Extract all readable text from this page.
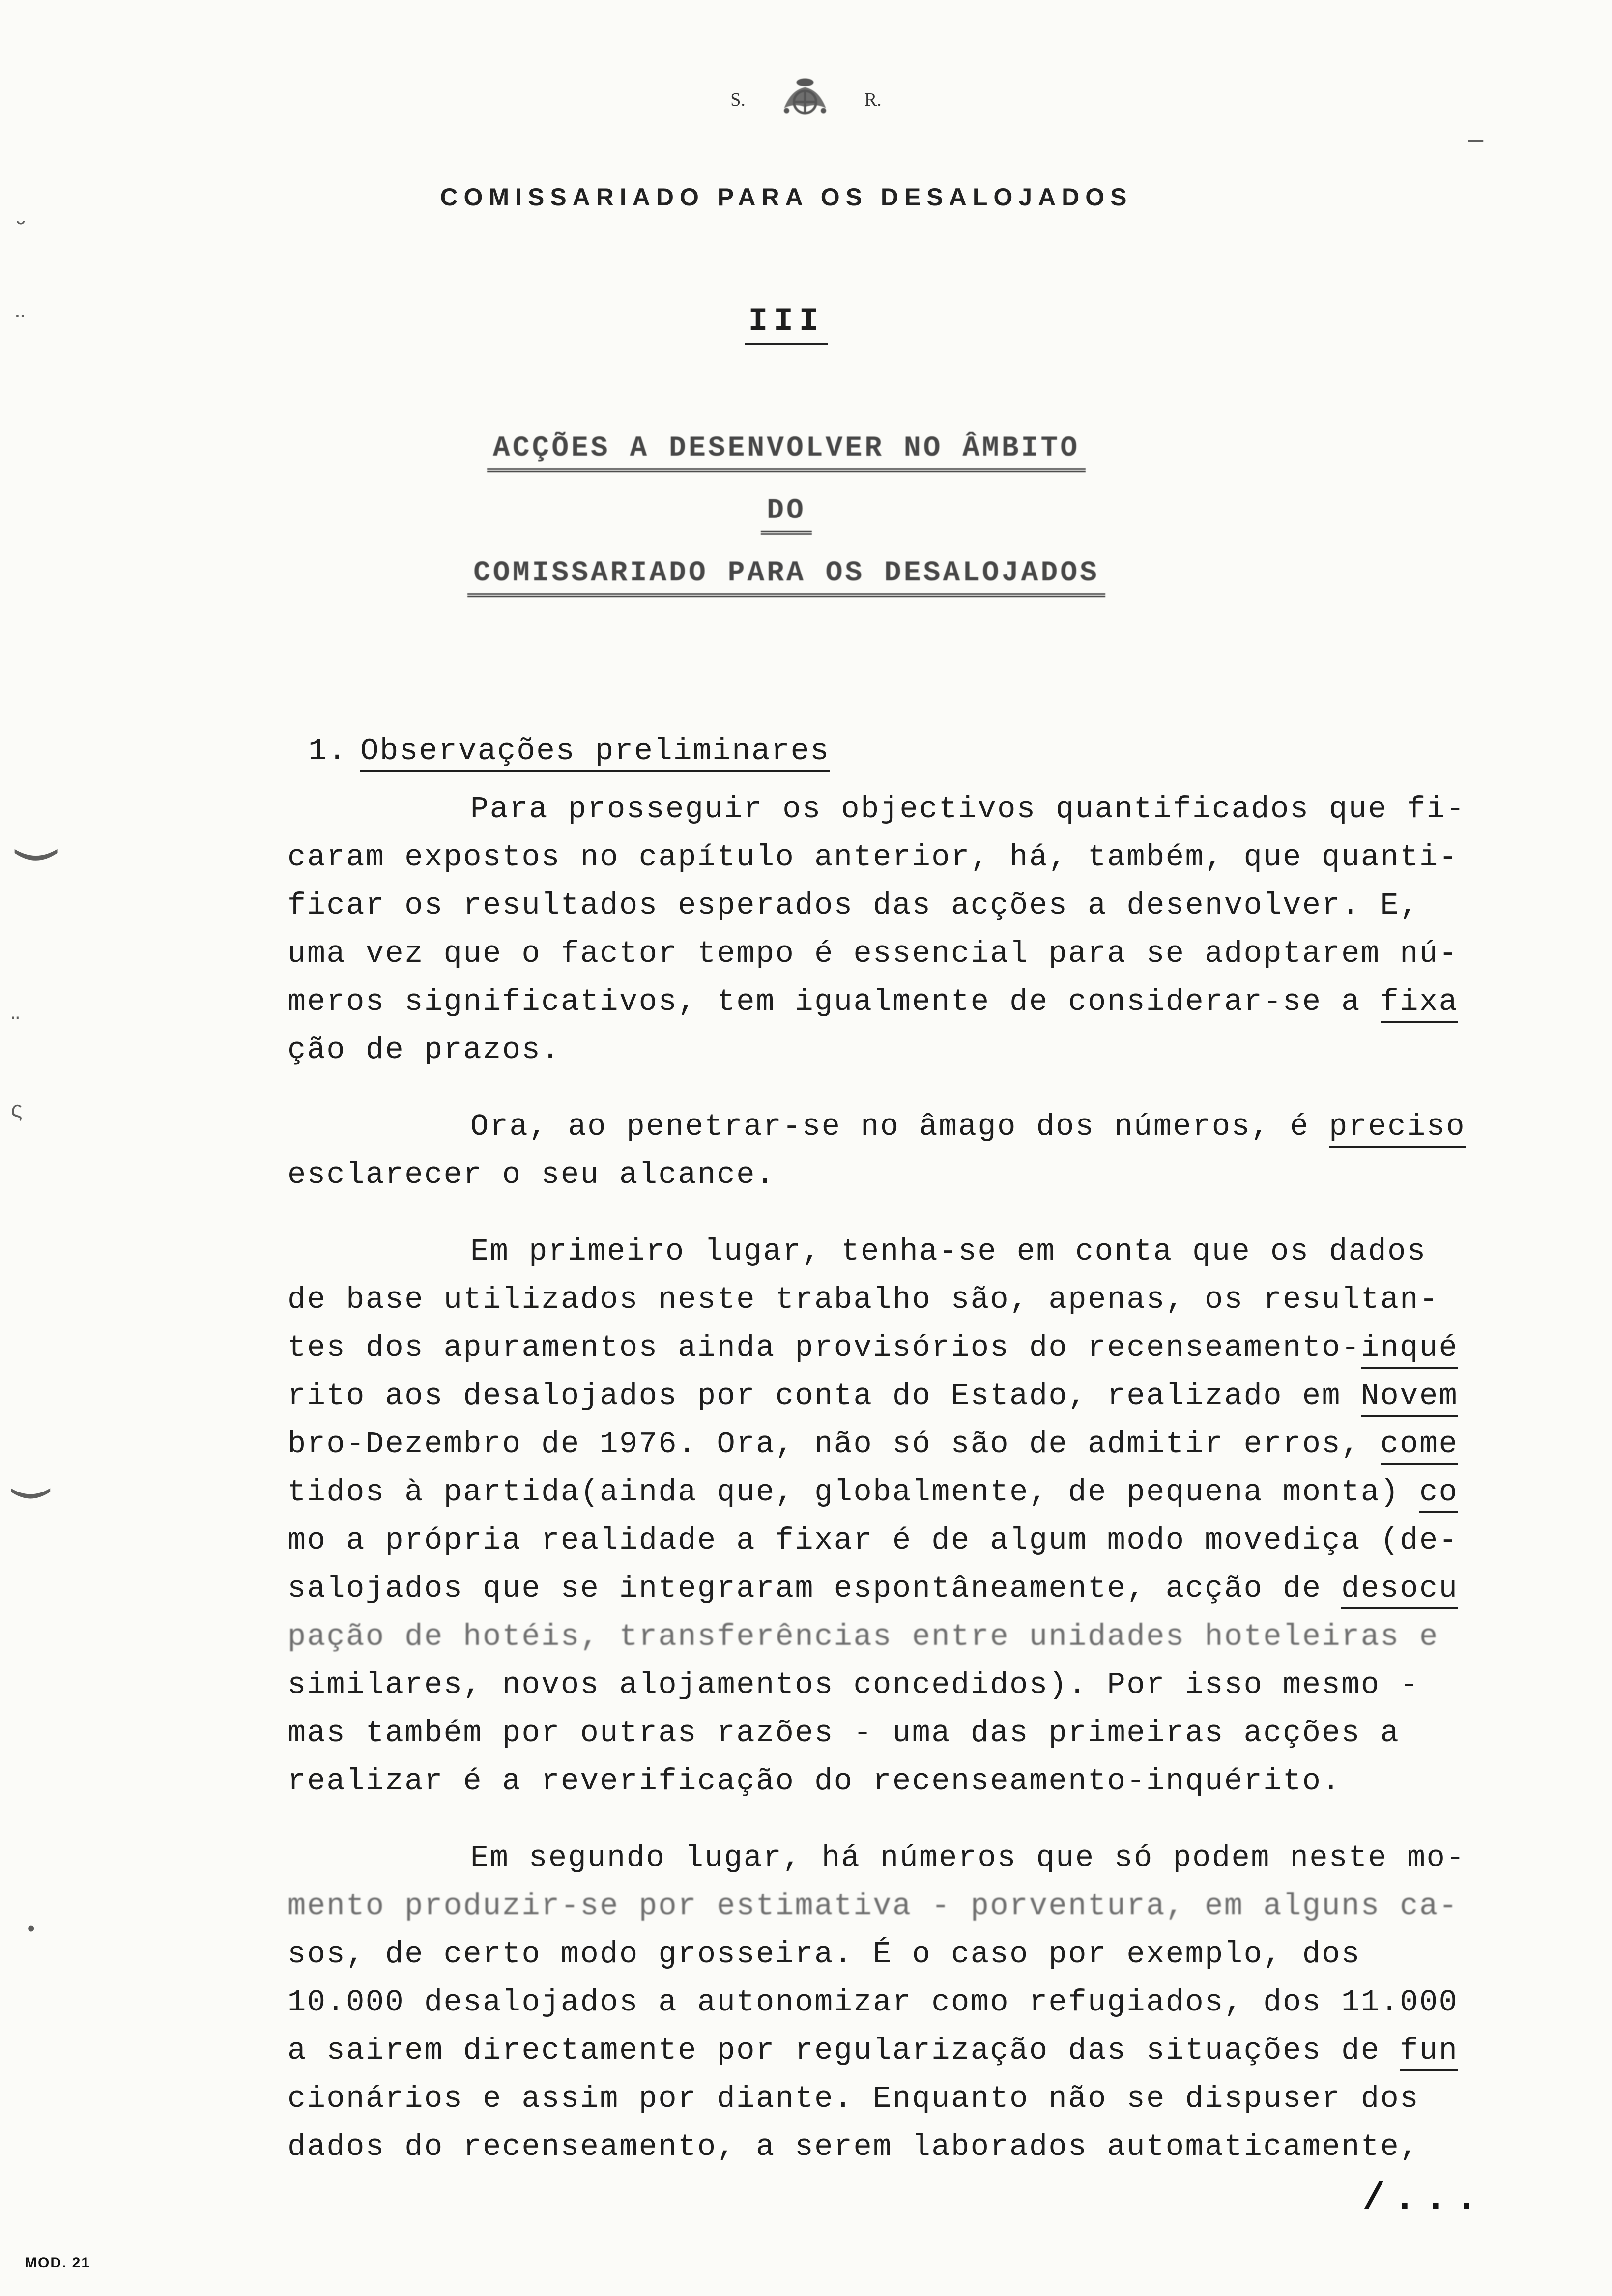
S.	R.
COMISSARIADO PARA OS DESALOJADOS
III
ACÇÕES A DESENVOLVER NO ÂMBITO
DO
COMISSARIADO PARA OS DESALOJADOS

1. Observações preliminares

Para prosseguir os objectivos quantificados que fi-
caram expostos no capítulo anterior, há, também, que quanti-
ficar os resultados esperados das acções a desenvolver. E,
uma vez que o factor tempo é essencial para se adoptarem nú-
meros significativos, tem igualmente de considerar-se a fixa
ção de prazos.
Ora, ao penetrar-se no âmago dos números, é preciso
esclarecer o seu alcance.
Em primeiro lugar, tenha-se em conta que os dados
de base utilizados neste trabalho são, apenas, os resultan-
tes dos apuramentos ainda provisórios do recenseamento-inqué
rito aos desalojados por conta do Estado, realizado em Novem
bro-Dezembro de 1976. Ora, não só são de admitir erros, come
tidos à partida(ainda que, globalmente, de pequena monta) co
mo a própria realidade a fixar é de algum modo movediça (de-
salojados que se integraram espontâneamente, acção de desocu
pação de hotéis, transferências entre unidades hoteleiras e
similares, novos alojamentos concedidos). Por isso mesmo -
mas também por outras razões - uma das primeiras acções a
realizar é a reverificação do recenseamento-inquérito.
Em segundo lugar, há números que só podem neste mo-
mento produzir-se por estimativa - porventura, em alguns ca-
sos, de certo modo grosseira. É o caso por exemplo, dos
10.000 desalojados a autonomizar como refugiados, dos 11.000
a sairem directamente por regularização das situações de fun
cionários e assim por diante. Enquanto não se dispuser dos
dados do recenseamento, a serem laborados automaticamente,
MOD. 21
/...
˘
¨
—
‿
¨
ς
‿
•
